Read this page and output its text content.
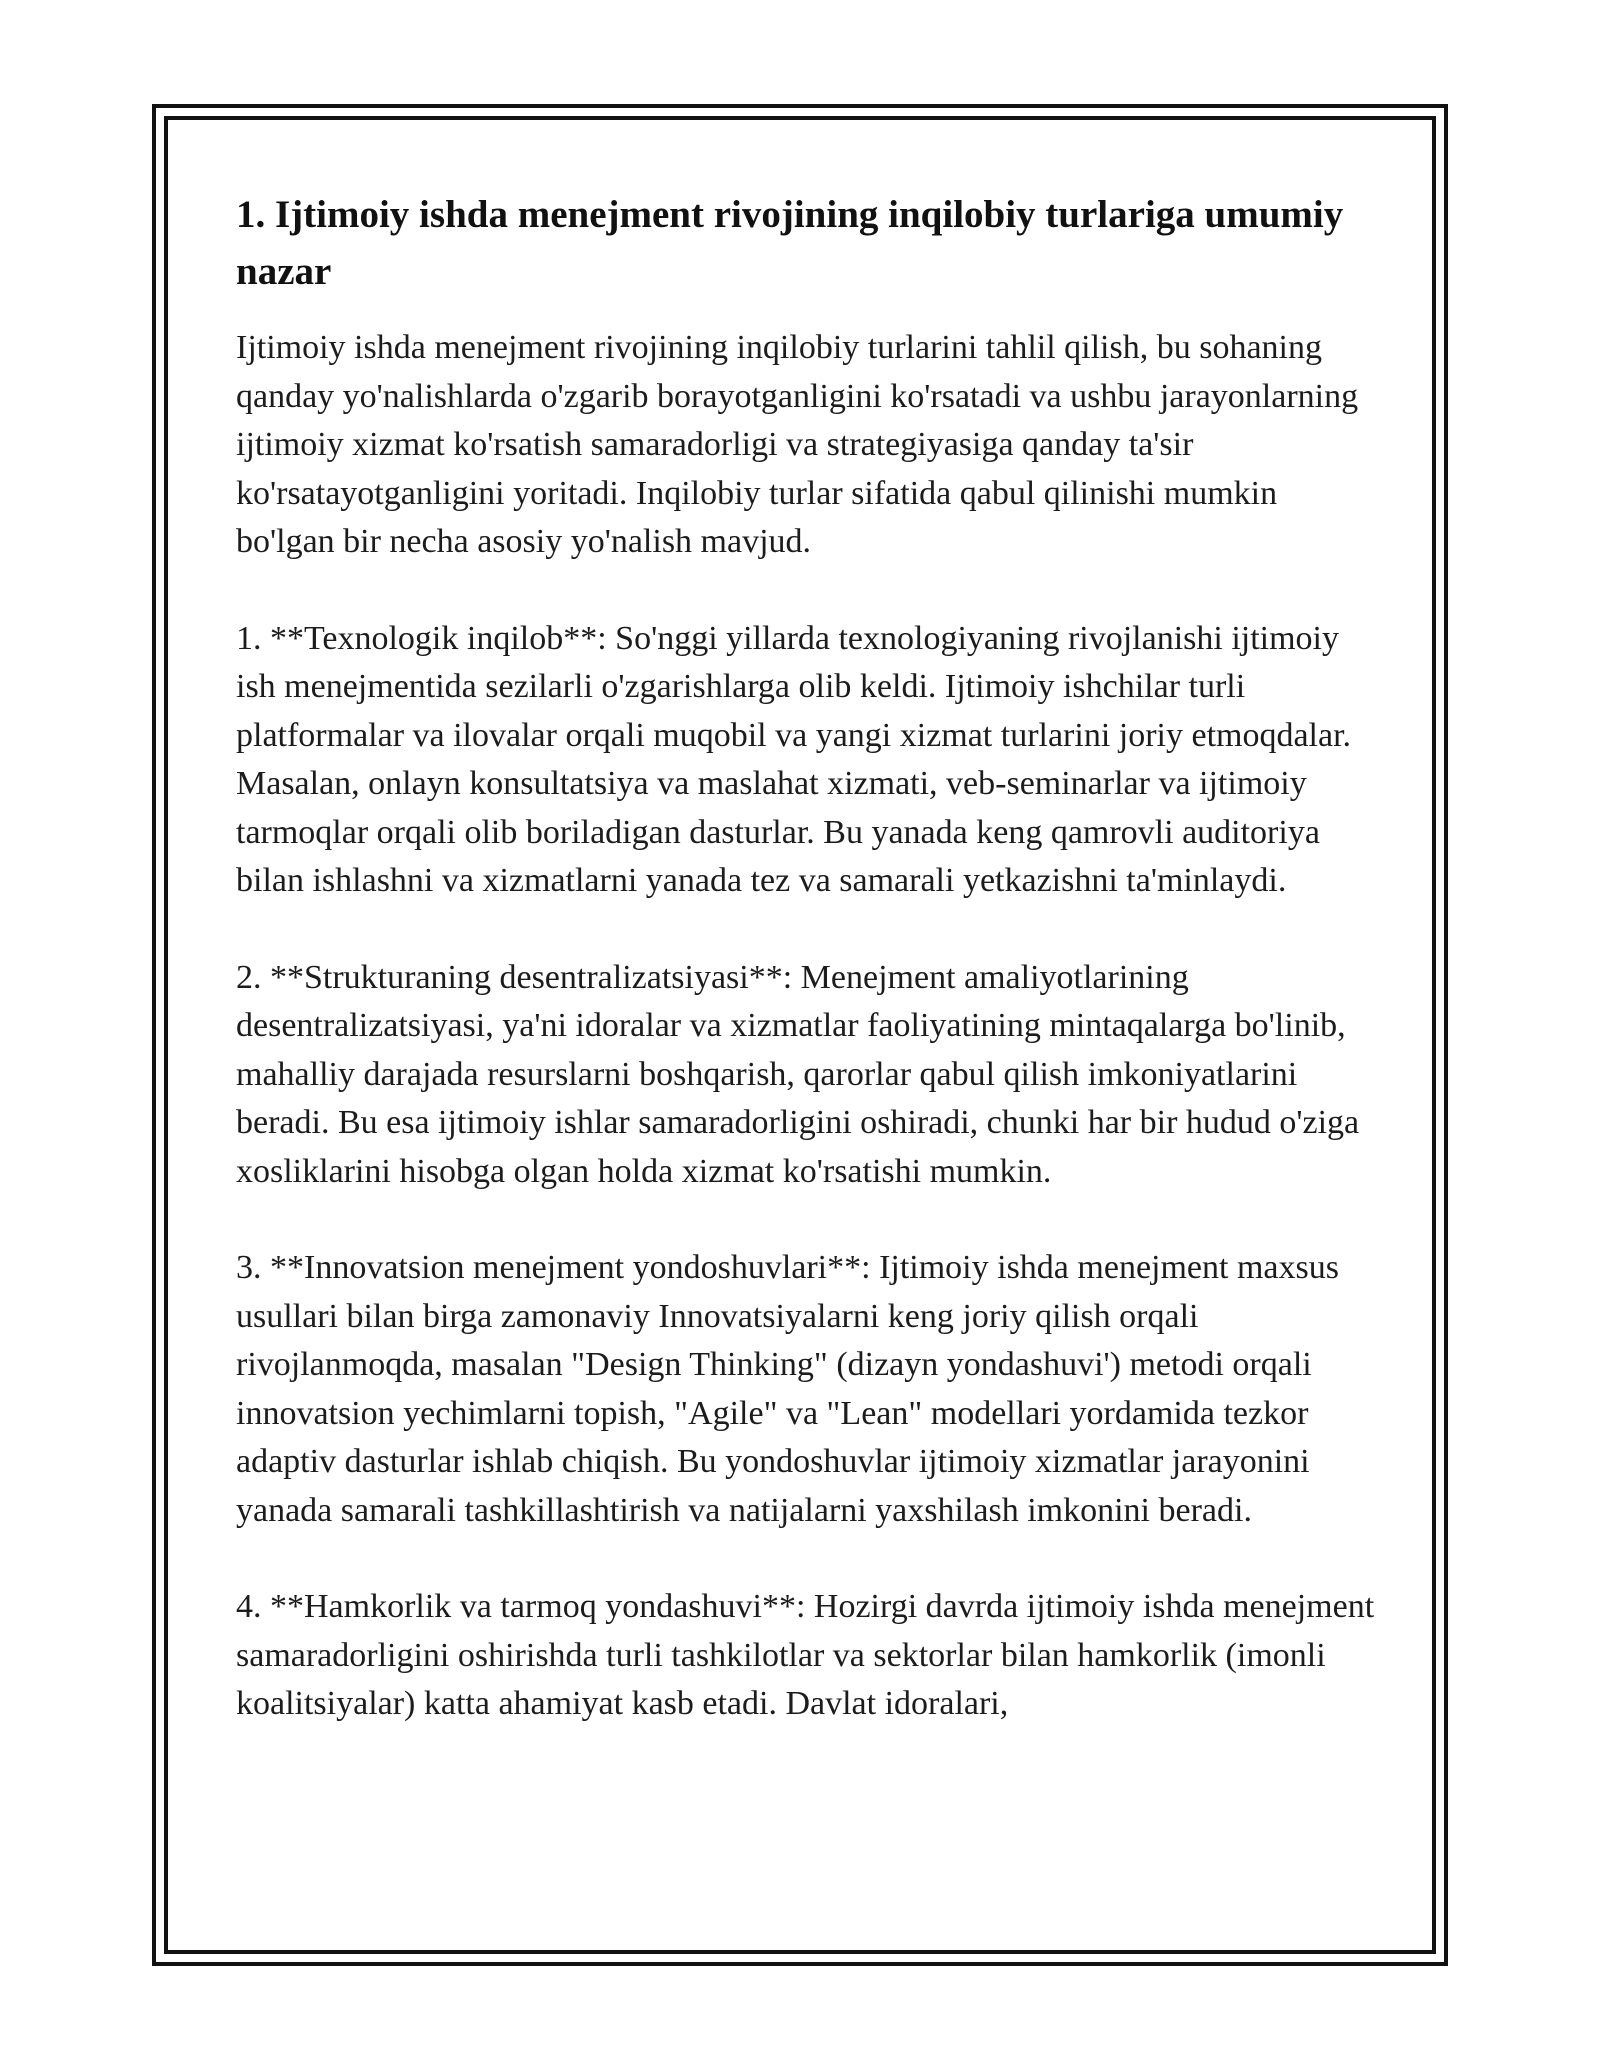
1. Ijtimoiy ishda menejment rivojining inqilobiy turlariga umumiy nazar

Ijtimoiy ishda menejment rivojining inqilobiy turlarini tahlil qilish, bu sohaning qanday yo'nalishlarda o'zgarib borayotganligini ko'rsatadi va ushbu jarayonlarning ijtimoiy xizmat ko'rsatish samaradorligi va strategiyasiga qanday ta'sir ko'rsatayotganligini yoritadi. Inqilobiy turlar sifatida qabul qilinishi mumkin bo'lgan bir necha asosiy yo'nalish mavjud.

1. **Texnologik inqilob**: So'nggi yillarda texnologiyaning rivojlanishi ijtimoiy ish menejmentida sezilarli o'zgarishlarga olib keldi. Ijtimoiy ishchilar turli platformalar va ilovalar orqali muqobil va yangi xizmat turlarini joriy etmoqdalar. Masalan, onlayn konsultatsiya va maslahat xizmati, veb-seminarlar va ijtimoiy tarmoqlar orqali olib boriladigan dasturlar. Bu yanada keng qamrovli auditoriya bilan ishlashni va xizmatlarni yanada tez va samarali yetkazishni ta'minlaydi.

2. **Strukturaning desentralizatsiyasi**: Menejment amaliyotlarining desentralizatsiyasi, ya'ni idoralar va xizmatlar faoliyatining mintaqalarga bo'linib, mahalliy darajada resurslarni boshqarish, qarorlar qabul qilish imkoniyatlarini beradi. Bu esa ijtimoiy ishlar samaradorligini oshiradi, chunki har bir hudud o'ziga xosliklarini hisobga olgan holda xizmat ko'rsatishi mumkin.

3. **Innovatsion menejment yondoshuvlari**: Ijtimoiy ishda menejment maxsus usullari bilan birga zamonaviy Innovatsiyalarni keng joriy qilish orqali rivojlanmoqda, masalan "Design Thinking" (dizayn yondashuvi') metodi orqali innovatsion yechimlarni topish, "Agile" va "Lean" modellari yordamida tezkor adaptiv dasturlar ishlab chiqish. Bu yondoshuvlar ijtimoiy xizmatlar jarayonini yanada samarali tashkillashtirish va natijalarni yaxshilash imkonini beradi.

4. **Hamkorlik va tarmoq yondashuvi**: Hozirgi davrda ijtimoiy ishda menejment samaradorligini oshirishda turli tashkilotlar va sektorlar bilan hamkorlik (imonli koalitsiyalar) katta ahamiyat kasb etadi. Davlat idoralari,
